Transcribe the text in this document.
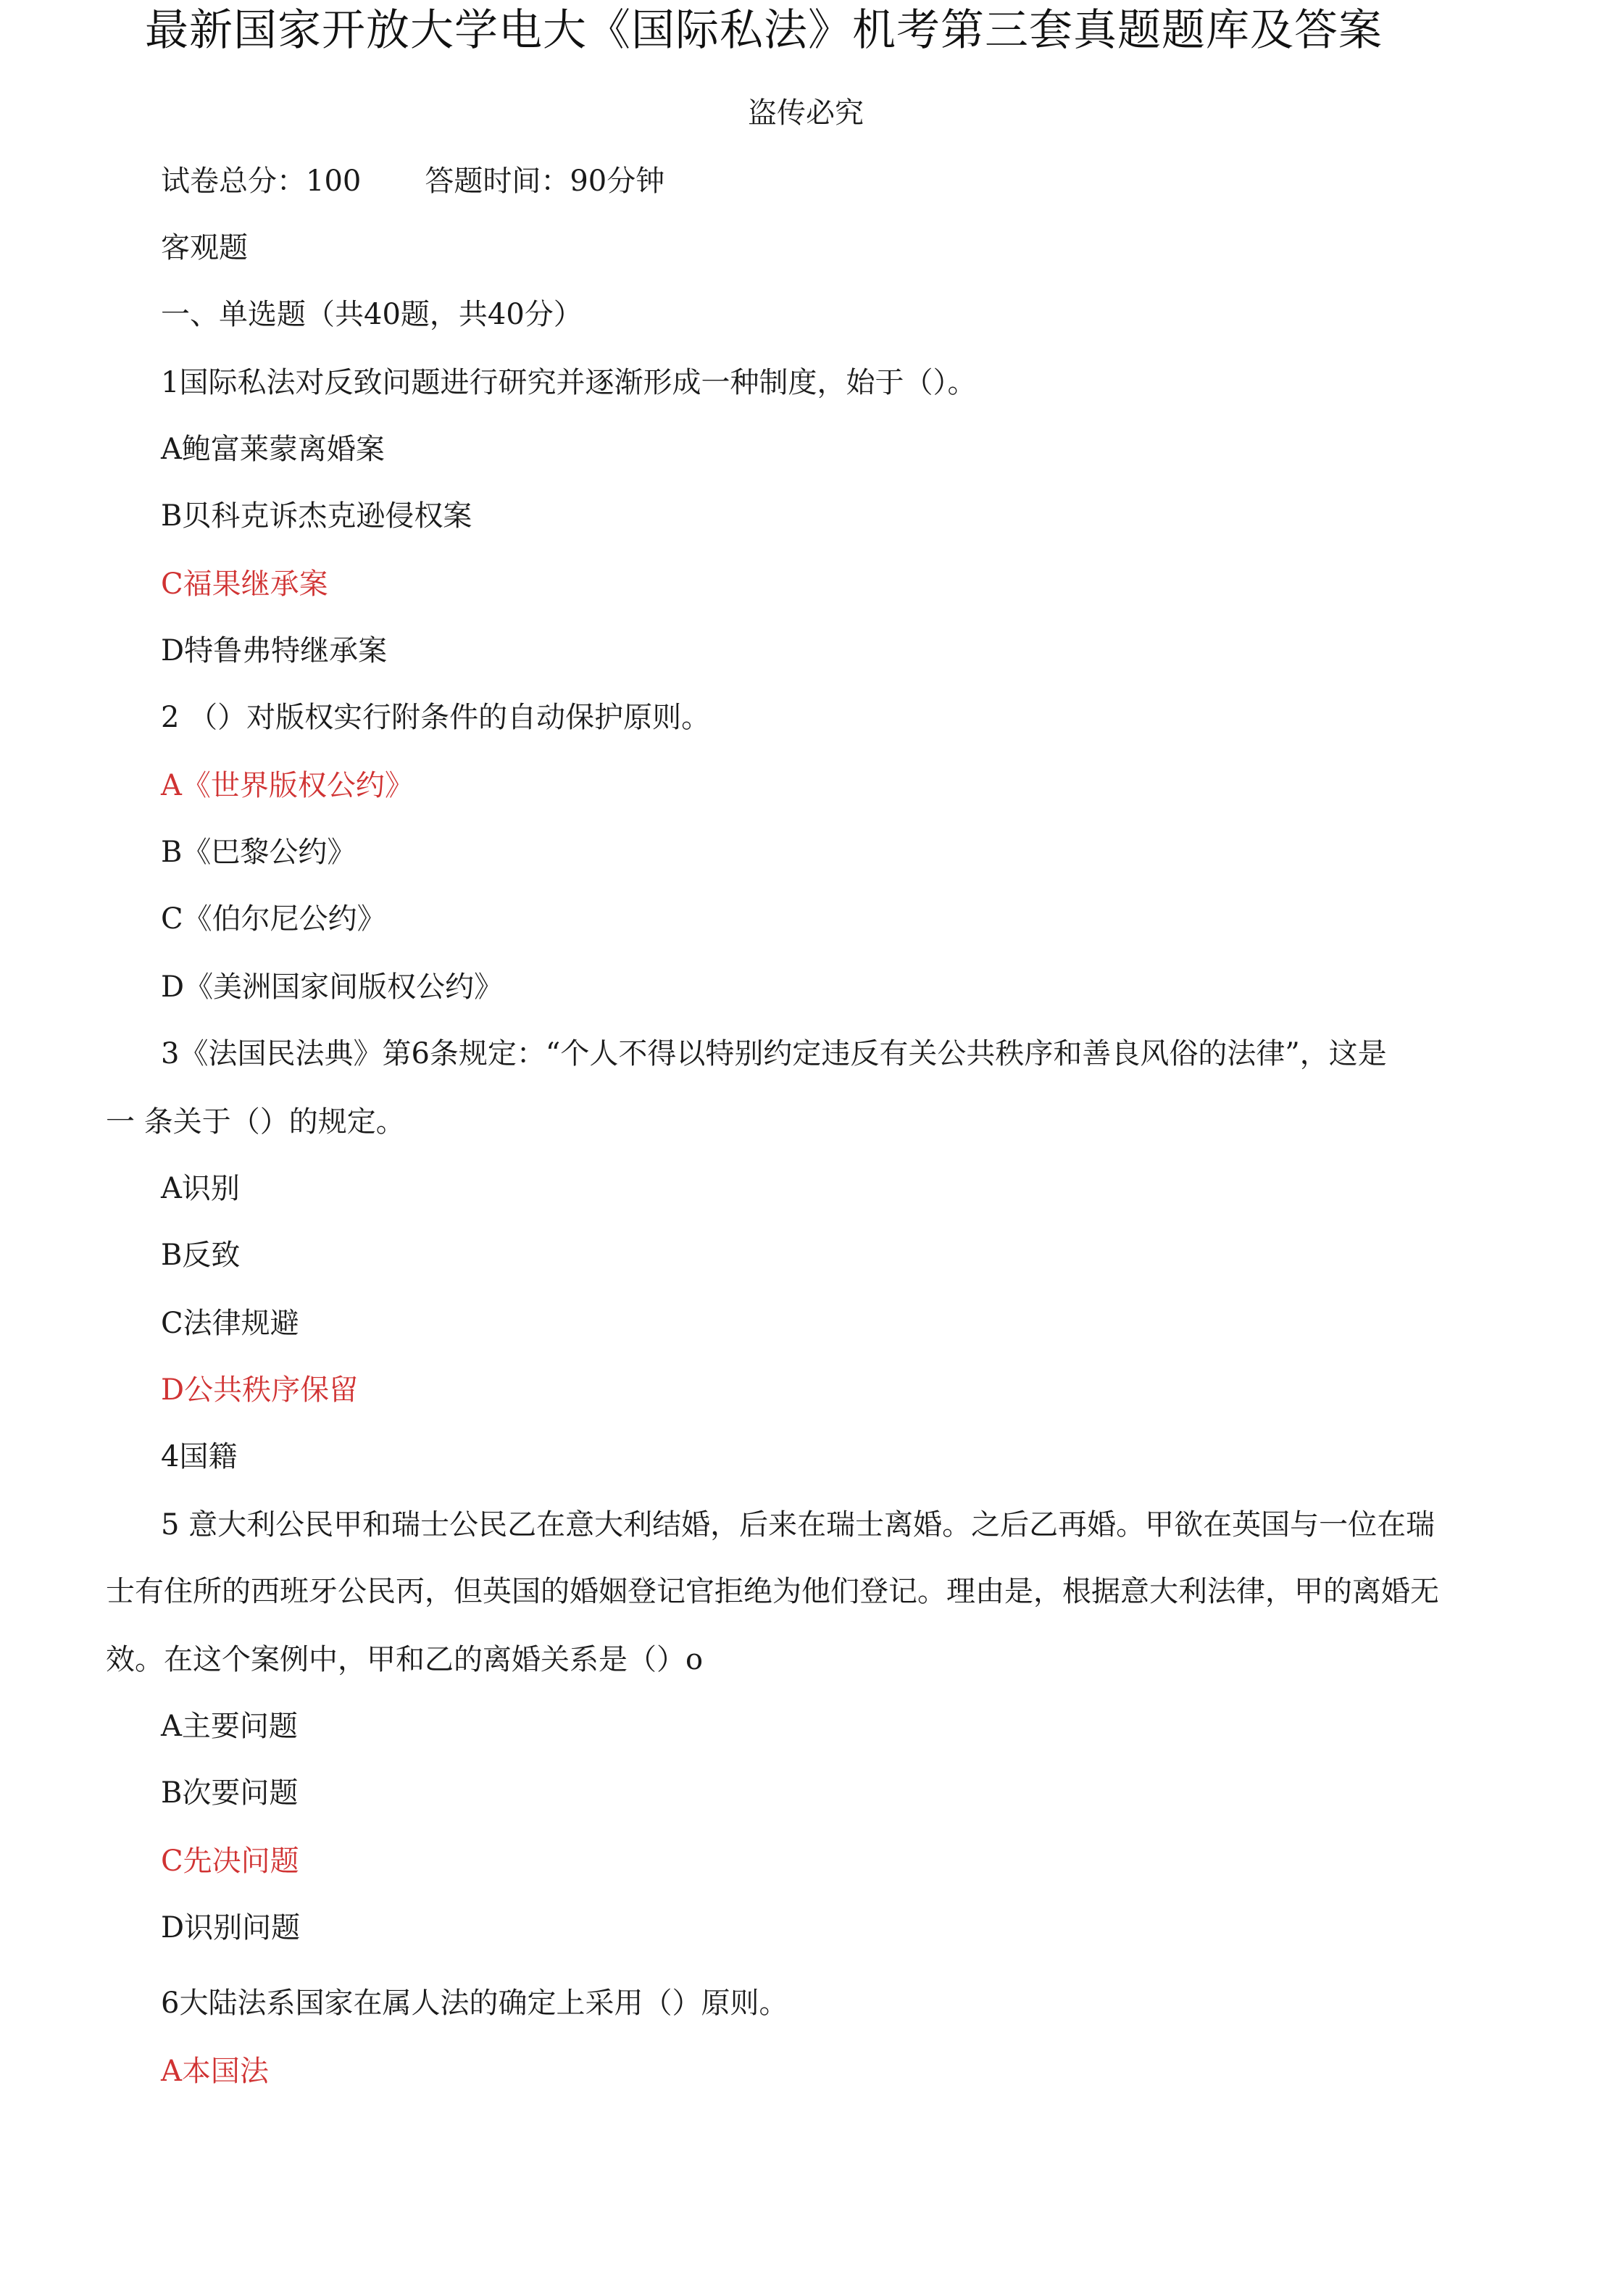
最新国家开放大学电大《国际私法》机考第三套真题题库及答案
盗传必究
试卷总分：100 答题时间：90分钟
客观题
一、单选题（共40题，共40分）
1国际私法对反致问题进行研究并逐渐形成一种制度，始于（）。
A鲍富莱蒙离婚案
B贝科克诉杰克逊侵权案
C福果继承案
D特鲁弗特继承案
2 （）对版权实行附条件的自动保护原则。
A《世界版权公约》
B《巴黎公约》
C《伯尔尼公约》
D《美洲国家间版权公约》
3《法国民法典》第6条规定：“个人不得以特别约定违反有关公共秩序和善良风俗的法律”，这是
一 条关于（）的规定。
A识别
B反致
C法律规避
D公共秩序保留
4国籍
5 意大利公民甲和瑞士公民乙在意大利结婚，后来在瑞士离婚。之后乙再婚。甲欲在英国与一位在瑞
士有住所的西班牙公民丙，但英国的婚姻登记官拒绝为他们登记。理由是，根据意大利法律，甲的离婚无
效。在这个案例中，甲和乙的离婚关系是（）o
A主要问题
B次要问题
C先决问题
D识别问题
6大陆法系国家在属人法的确定上采用（）原则。
A本国法
